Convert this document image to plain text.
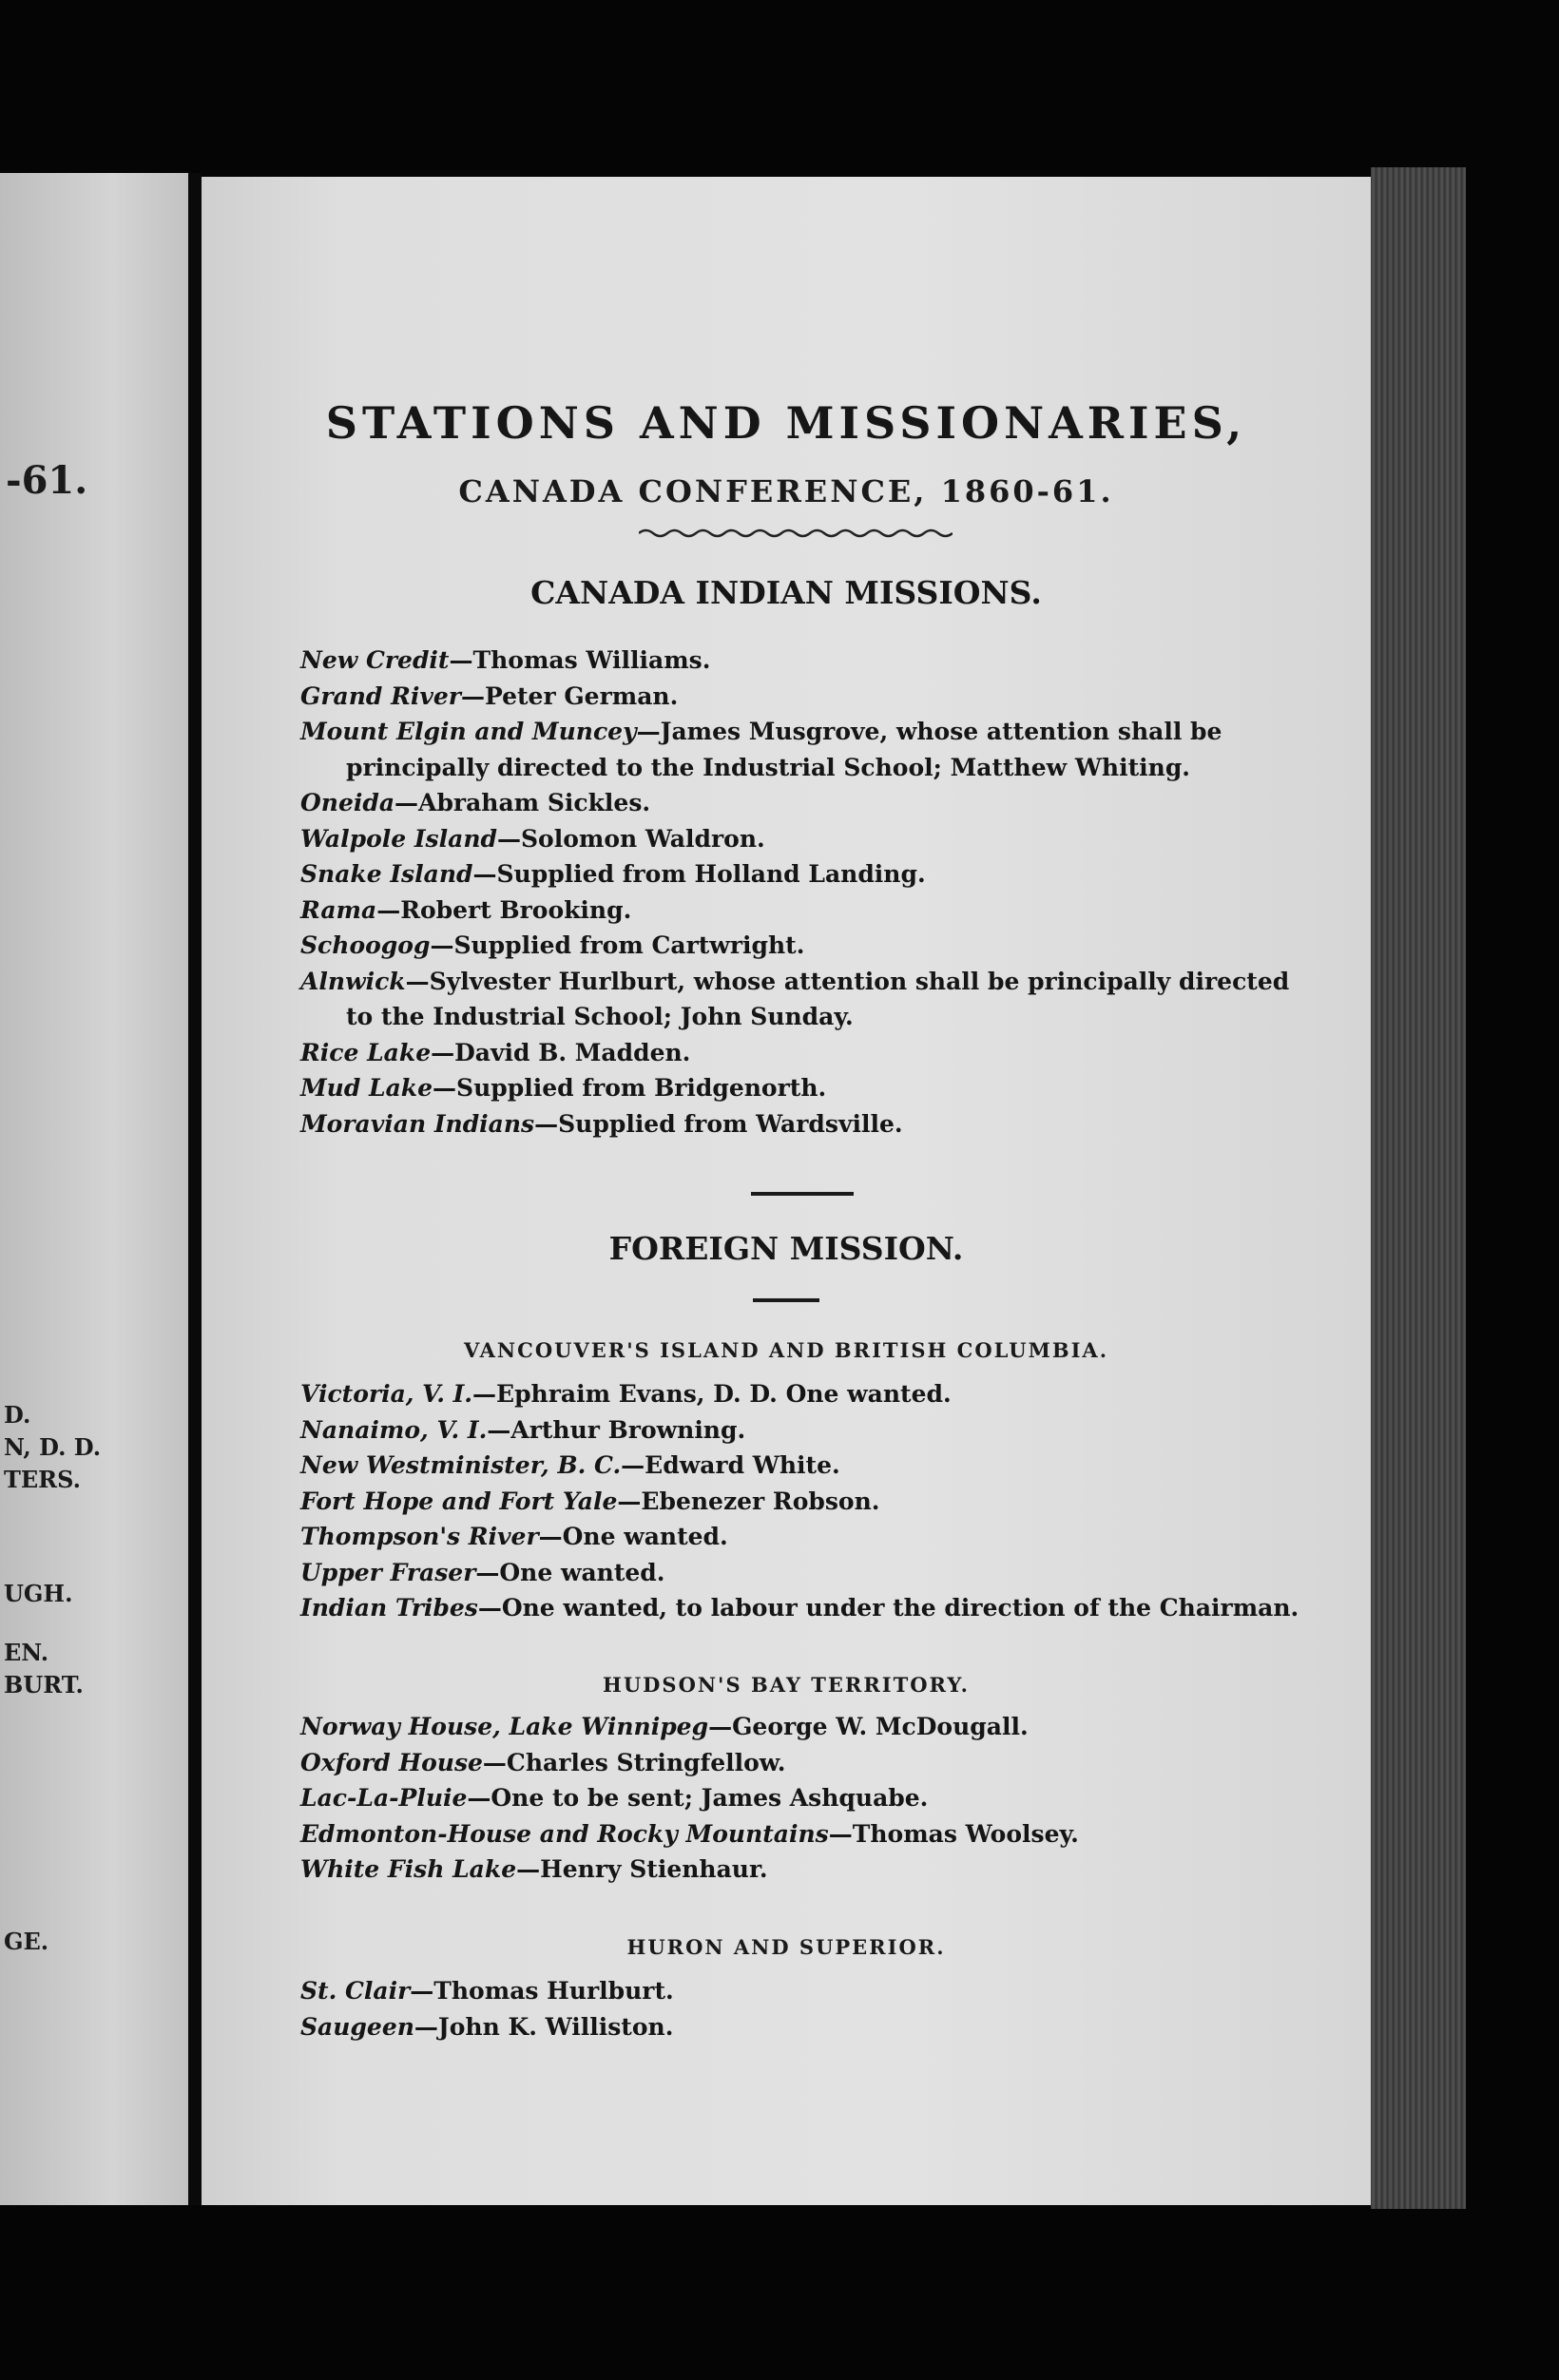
-61.
D.
N, D. D.
TERS.
UGH.
EN.
BURT.
GE.
STATIONS AND MISSIONARIES,
CANADA CONFERENCE, 1860-61.
CANADA INDIAN MISSIONS.
New Credit—Thomas Williams.
Grand River—Peter German.
Mount Elgin and Muncey—James Musgrove, whose attention shall be principally directed to the Industrial School; Matthew Whiting.
Oneida—Abraham Sickles.
Walpole Island—Solomon Waldron.
Snake Island—Supplied from Holland Landing.
Rama—Robert Brooking.
Schoogog—Supplied from Cartwright.
Alnwick—Sylvester Hurlburt, whose attention shall be principally directed to the Industrial School; John Sunday.
Rice Lake—David B. Madden.
Mud Lake—Supplied from Bridgenorth.
Moravian Indians—Supplied from Wardsville.
FOREIGN MISSION.
VANCOUVER'S ISLAND AND BRITISH COLUMBIA.
Victoria, V. I.—Ephraim Evans, D. D. One wanted.
Nanaimo, V. I.—Arthur Browning.
New Westminister, B. C.—Edward White.
Fort Hope and Fort Yale—Ebenezer Robson.
Thompson's River—One wanted.
Upper Fraser—One wanted.
Indian Tribes—One wanted, to labour under the direction of the Chairman.
HUDSON'S BAY TERRITORY.
Norway House, Lake Winnipeg—George W. McDougall.
Oxford House—Charles Stringfellow.
Lac-La-Pluie—One to be sent; James Ashquabe.
Edmonton-House and Rocky Mountains—Thomas Woolsey.
White Fish Lake—Henry Stienhaur.
HURON AND SUPERIOR.
St. Clair—Thomas Hurlburt.
Saugeen—John K. Williston.
